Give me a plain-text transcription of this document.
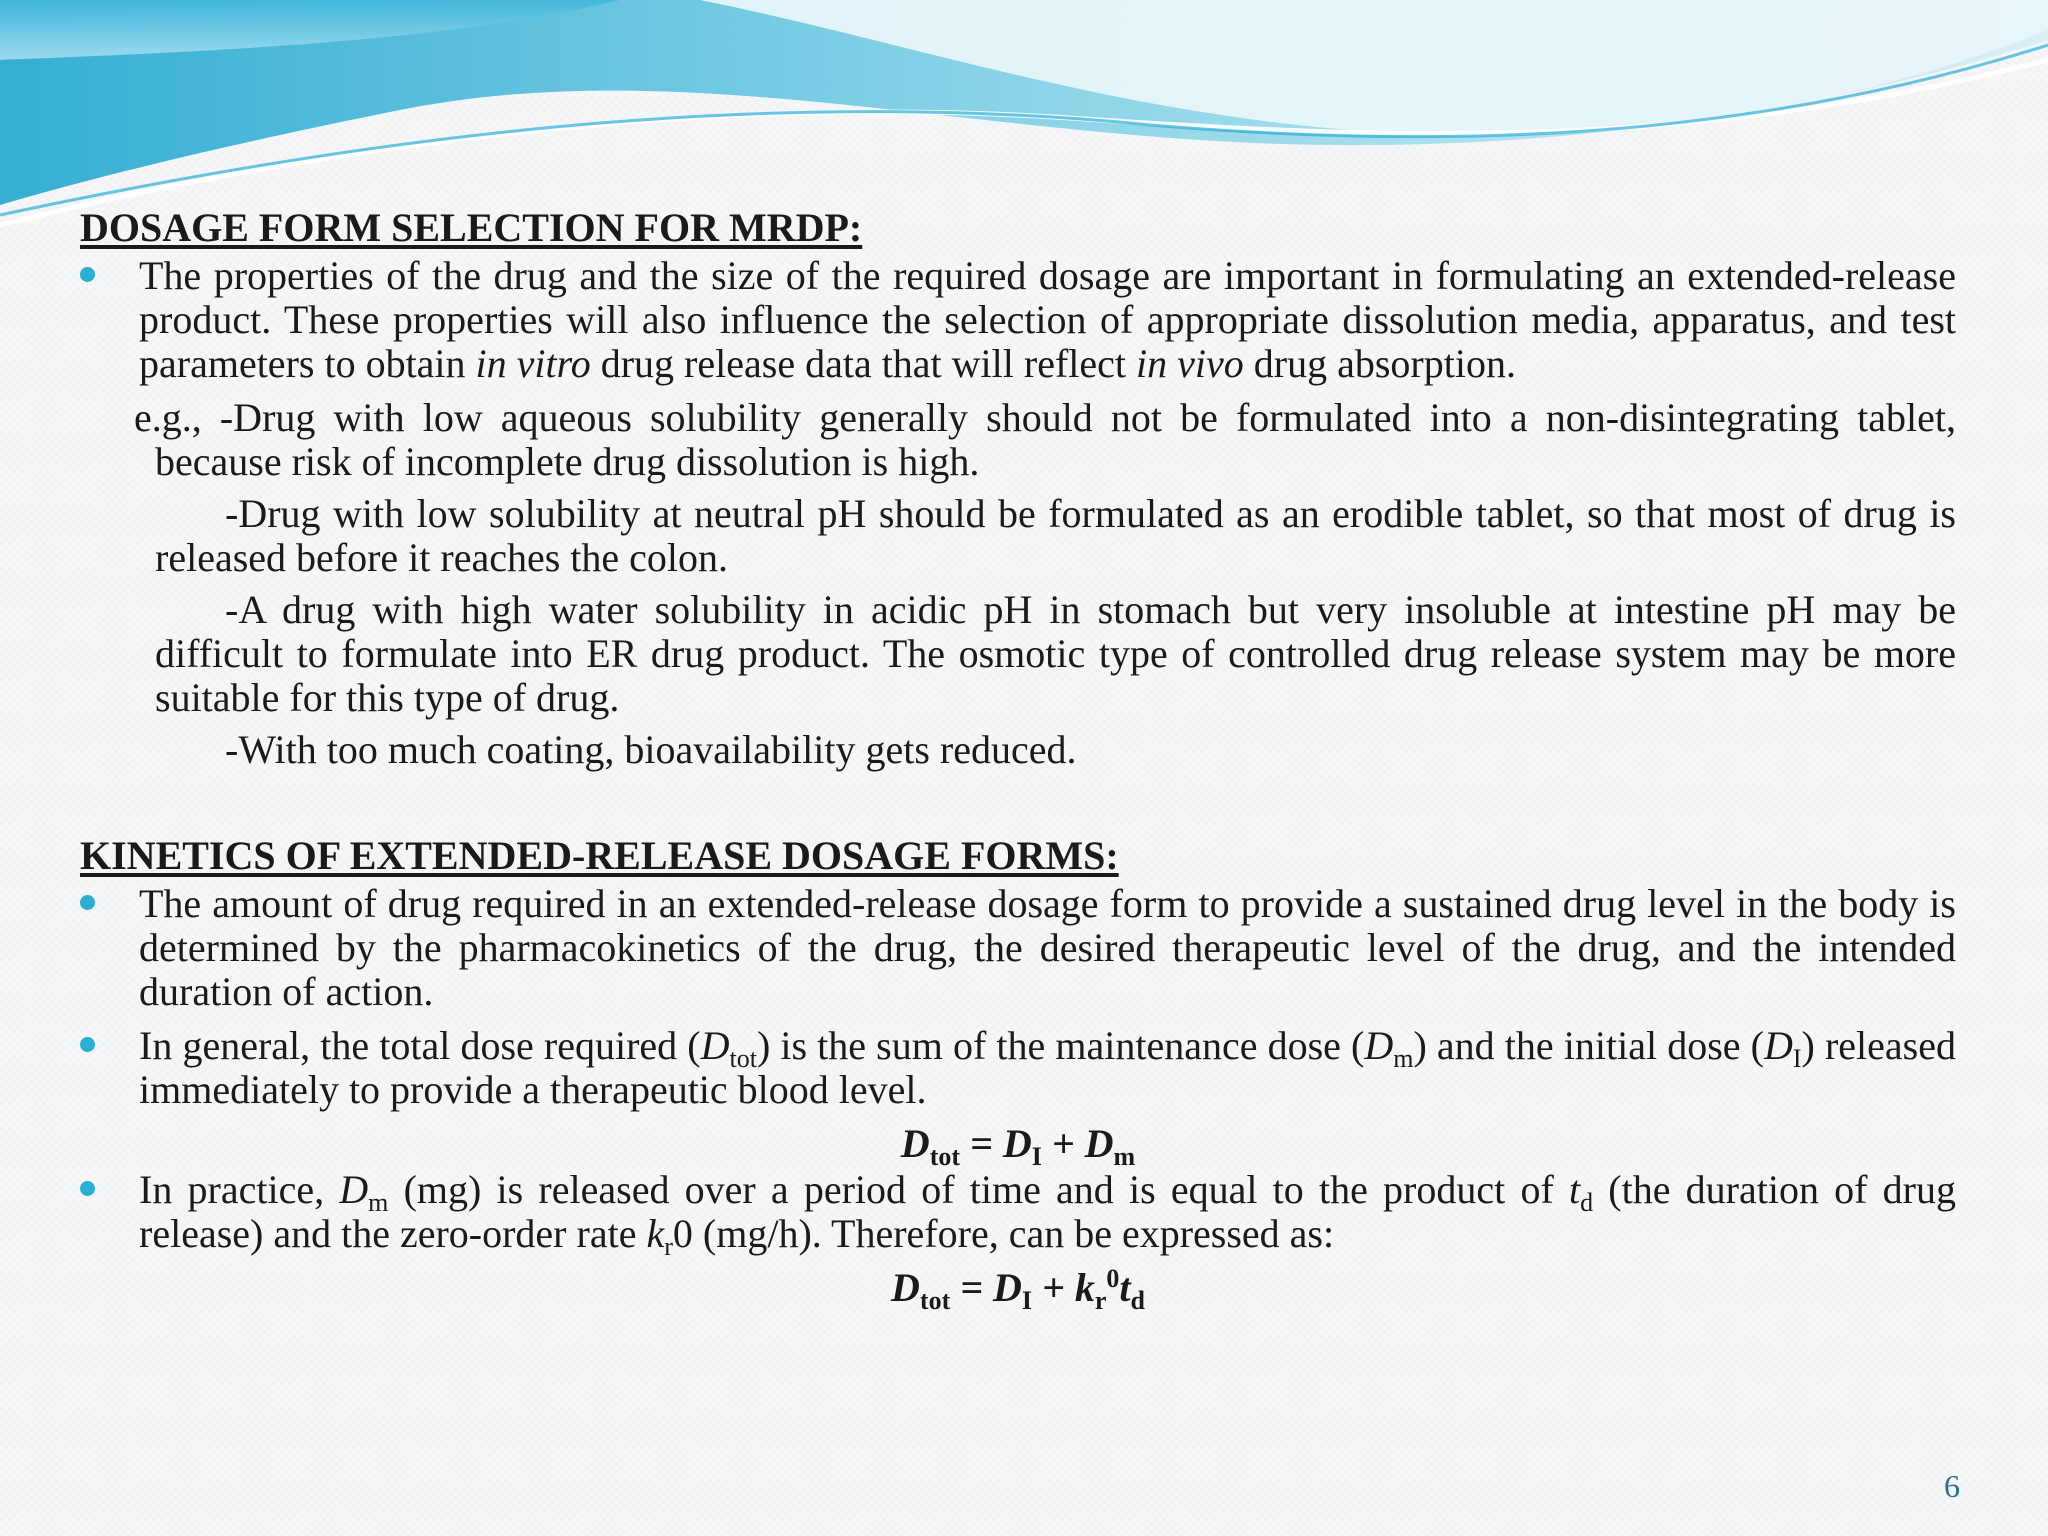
DOSAGE FORM SELECTION FOR MRDP:

The properties of the drug and the size of the required dosage are important in formulating an extended-release product. These properties will also influence the selection of appropriate dissolution media, apparatus, and test parameters to obtain in vitro drug release data that will reflect in vivo drug absorption.

e.g., -Drug with low aqueous solubility generally should not be formulated into a non-disintegrating tablet, because risk of incomplete drug dissolution is high.

-Drug with low solubility at neutral pH should be formulated as an erodible tablet, so that most of drug is released before it reaches the colon.

-A drug with high water solubility in acidic pH in stomach but very insoluble at intestine pH may be difficult to formulate into ER drug product. The osmotic type of controlled drug release system may be more suitable for this type of drug.

-With too much coating, bioavailability gets reduced.

KINETICS OF EXTENDED-RELEASE DOSAGE FORMS:

The amount of drug required in an extended-release dosage form to provide a sustained drug level in the body is determined by the pharmacokinetics of the drug, the desired therapeutic level of the drug, and the intended duration of action.

In general, the total dose required $(D_{tot})$ is the sum of the maintenance dose $(D_m)$ and the initial dose $(D_I)$ released immediately to provide a therapeutic blood level.

$D_{tot} = D_I + D_m$

In practice, $D_m$ (mg) is released over a period of time and is equal to the product of $t_d$ (the duration of drug release) and the zero-order rate $k_r0$ (mg/h). Therefore, can be expressed as:

$D_{tot} = D_I + k_r^0t_d$

6
